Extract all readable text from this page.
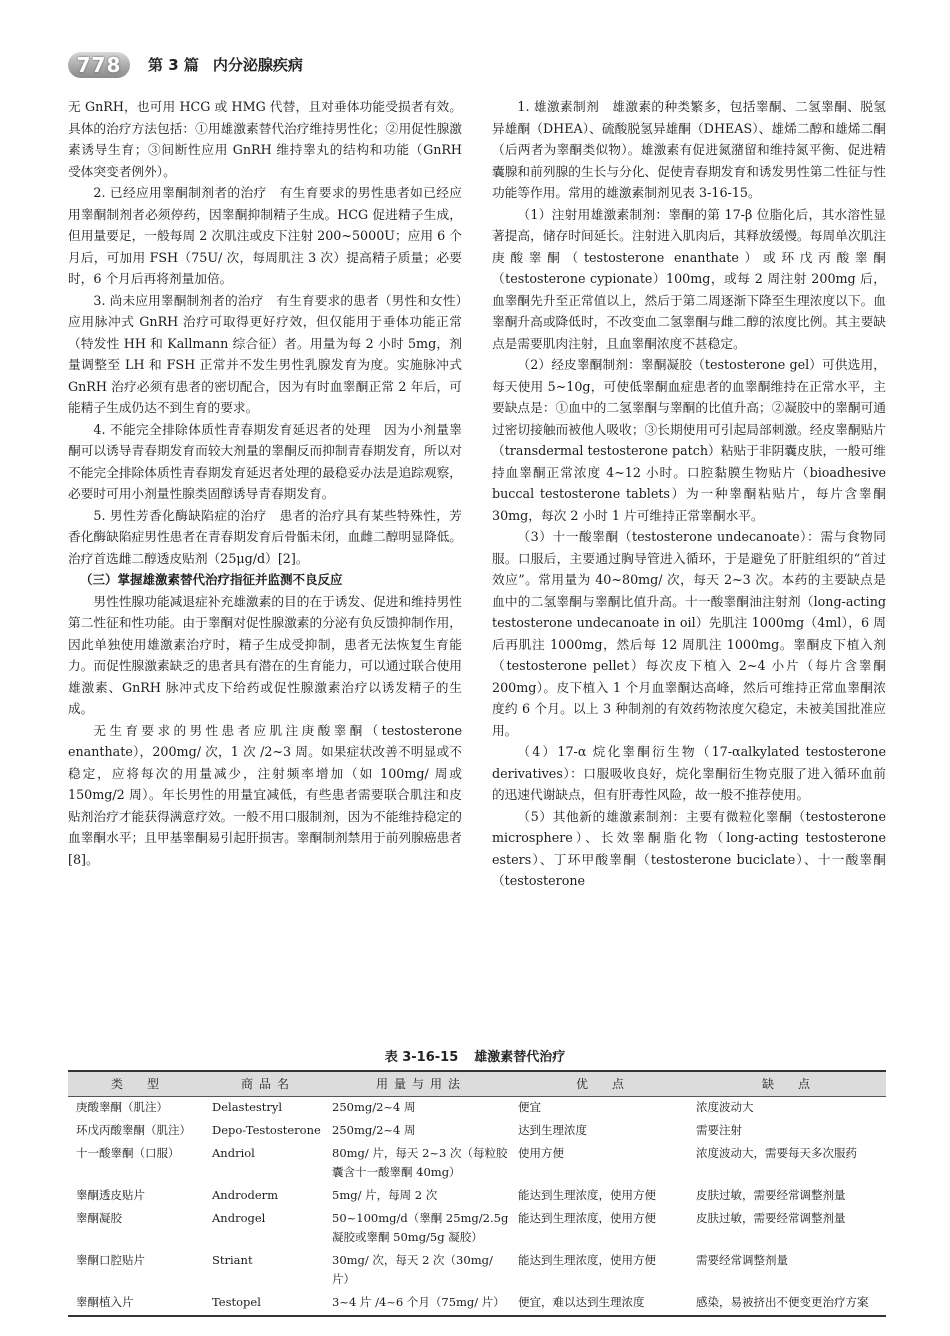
778	第 3 篇 内分泌腺疾病

无 GnRH，也可用 HCG 或 HMG 代替，且对垂体功能受损者有效。具体的治疗方法包括：①用雄激素替代治疗维持男性化；②用促性腺激素诱导生育；③间断性应用 GnRH 维持睾丸的结构和功能（GnRH 受体突变者例外）。

2. 已经应用睾酮制剂者的治疗　有生育要求的男性患者如已经应用睾酮制剂者必须停药，因睾酮抑制精子生成。HCG 促进精子生成，但用量要足，一般每周 2 次肌注或皮下注射 200~5000U；应用 6 个月后，可加用 FSH（75U/ 次，每周肌注 3 次）提高精子质量；必要时，6 个月后再将剂量加倍。

3. 尚未应用睾酮制剂者的治疗　有生育要求的患者（男性和女性）应用脉冲式 GnRH 治疗可取得更好疗效，但仅能用于垂体功能正常（特发性 HH 和 Kallmann 综合征）者。用量为每 2 小时 5mg，剂量调整至 LH 和 FSH 正常并不发生男性乳腺发育为度。实施脉冲式 GnRH 治疗必须有患者的密切配合，因为有时血睾酮正常 2 年后，可能精子生成仍达不到生育的要求。

4. 不能完全排除体质性青春期发育延迟者的处理　因为小剂量睾酮可以诱导青春期发育而较大剂量的睾酮反而抑制青春期发育，所以对不能完全排除体质性青春期发育延迟者处理的最稳妥办法是追踪观察，必要时可用小剂量性腺类固醇诱导青春期发育。

5. 男性芳香化酶缺陷症的治疗　患者的治疗具有某些特殊性，芳香化酶缺陷症男性患者在青春期发育后骨骺未闭，血雌二醇明显降低。治疗首选雌二醇透皮贴剂（25μg/d）[2]。

（三）掌握雄激素替代治疗指征并监测不良反应

男性性腺功能减退症补充雄激素的目的在于诱发、促进和维持男性第二性征和性功能。由于睾酮对促性腺激素的分泌有负反馈抑制作用，因此单独使用雄激素治疗时，精子生成受抑制，患者无法恢复生育能力。而促性腺激素缺乏的患者具有潜在的生育能力，可以通过联合使用雄激素、GnRH 脉冲式皮下给药或促性腺激素治疗以诱发精子的生成。

无生育要求的男性患者应肌注庚酸睾酮（testosterone enanthate），200mg/ 次，1 次 /2~3 周。如果症状改善不明显或不稳定，应将每次的用量减少，注射频率增加（如 100mg/ 周或 150mg/2 周）。年长男性的用量宜减低，有些患者需要联合肌注和皮贴剂治疗才能获得满意疗效。一般不用口服制剂，因为不能维持稳定的血睾酮水平；且甲基睾酮易引起肝损害。睾酮制剂禁用于前列腺癌患者[8]。

1. 雄激素制剂　雄激素的种类繁多，包括睾酮、二氢睾酮、脱氢异雄酮（DHEA）、硫酸脱氢异雄酮（DHEAS）、雄烯二醇和雄烯二酮（后两者为睾酮类似物）。雄激素有促进氮潴留和维持氮平衡、促进精囊腺和前列腺的生长与分化、促使青春期发育和诱发男性第二性征与性功能等作用。常用的雄激素制剂见表 3-16-15。

（1）注射用雄激素制剂：睾酮的第 17-β 位脂化后，其水溶性显著提高，储存时间延长。注射进入肌肉后，其释放缓慢。每周单次肌注庚酸睾酮（testosterone enanthate）或环戊丙酸睾酮（testosterone cypionate）100mg，或每 2 周注射 200mg 后，血睾酮先升至正常值以上，然后于第二周逐渐下降至生理浓度以下。血睾酮升高或降低时，不改变血二氢睾酮与雌二醇的浓度比例。其主要缺点是需要肌肉注射，且血睾酮浓度不甚稳定。

（2）经皮睾酮制剂：睾酮凝胶（testosterone gel）可供选用，每天使用 5~10g，可使低睾酮血症患者的血睾酮维持在正常水平，主要缺点是：①血中的二氢睾酮与睾酮的比值升高；②凝胶中的睾酮可通过密切接触而被他人吸收；③长期使用可引起局部刺激。经皮睾酮贴片（transdermal testosterone patch）粘贴于非阴囊皮肤，一般可维持血睾酮正常浓度 4~12 小时。口腔黏膜生物贴片（bioadhesive buccal testosterone tablets）为一种睾酮粘贴片，每片含睾酮 30mg，每次 2 小时 1 片可维持正常睾酮水平。

（3）十一酸睾酮（testosterone undecanoate）：需与食物同服。口服后，主要通过胸导管进入循环，于是避免了肝脏组织的“首过效应”。常用量为 40~80mg/ 次，每天 2~3 次。本药的主要缺点是血中的二氢睾酮与睾酮比值升高。十一酸睾酮油注射剂（long-acting testosterone undecanoate in oil）先肌注 1000mg（4ml），6 周后再肌注 1000mg，然后每 12 周肌注 1000mg。睾酮皮下植入剂（testosterone pellet）每次皮下植入 2~4 小片（每片含睾酮 200mg）。皮下植入 1 个月血睾酮达高峰，然后可维持正常血睾酮浓度约 6 个月。以上 3 种制剂的有效药物浓度欠稳定，未被美国批准应用。

（4）17-α 烷化睾酮衍生物（17-αalkylated testosterone derivatives）：口服吸收良好，烷化睾酮衍生物克服了进入循环血前的迅速代谢缺点，但有肝毒性风险，故一般不推荐使用。

（5）其他新的雄激素制剂：主要有微粒化睾酮（testosterone microsphere）、长效睾酮脂化物（long-acting testosterone esters）、丁环甲酸睾酮（testosterone buciclate）、十一酸睾酮（testosterone

表 3-16-15 雄激素替代治疗
类　型	商品名	用量与用法	优　点	缺　点
庚酸睾酮（肌注）	Delastestryl	250mg/2~4 周	便宜	浓度波动大
环戊丙酸睾酮（肌注）	Depo-Testosterone	250mg/2~4 周	达到生理浓度	需要注射
十一酸睾酮（口服）	Andriol	80mg/ 片，每天 2~3 次（每粒胶囊含十一酸睾酮 40mg）	使用方便	浓度波动大，需要每天多次服药
睾酮透皮贴片	Androderm	5mg/ 片，每周 2 次	能达到生理浓度，使用方便	皮肤过敏，需要经常调整剂量
睾酮凝胶	Androgel	50~100mg/d（睾酮 25mg/2.5g 凝胶或睾酮 50mg/5g 凝胶）	能达到生理浓度，使用方便	皮肤过敏，需要经常调整剂量
睾酮口腔贴片	Striant	30mg/ 次，每天 2 次（30mg/ 片）	能达到生理浓度，使用方便	需要经常调整剂量
睾酮植入片	Testopel	3~4 片 /4~6 个月（75mg/ 片）	便宜，难以达到生理浓度	感染，易被挤出不便变更治疗方案
